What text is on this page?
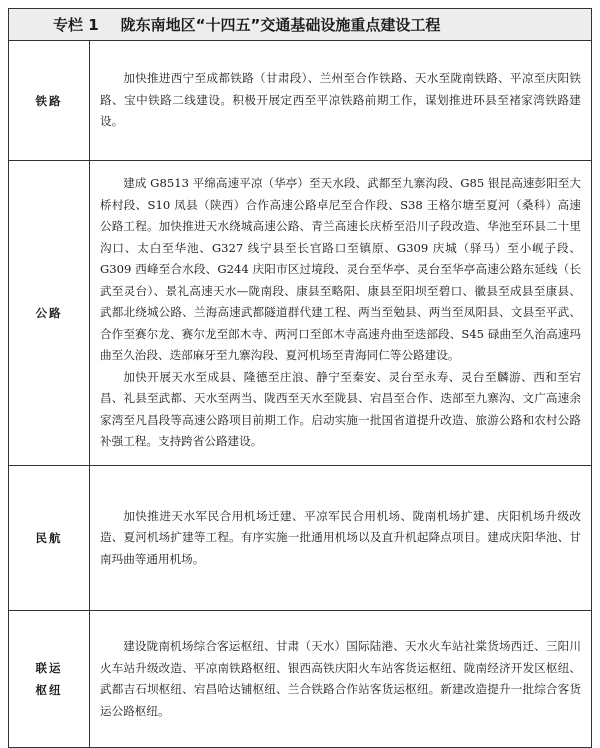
专栏 1 陇东南地区“十四五”交通基础设施重点建设工程
铁路	加快推进西宁至成都铁路（甘肃段）、兰州至合作铁路、天水至陇南铁路、平凉至庆阳铁路、宝中铁路二线建设。积极开展定西至平凉铁路前期工作，谋划推进环县至褚家湾铁路建设。

公路	建成 G8513 平绵高速平凉（华亭）至天水段、武都至九寨沟段、G85 银昆高速彭阳至大桥村段、S10 凤县（陕西）合作高速公路卓尼至合作段、S38 王格尔塘至夏河（桑科）高速公路工程。加快推进天水绕城高速公路、青兰高速长庆桥至沿川子段改造、华池至环县二十里沟口、太白至华池、G327 线宁县至长官路口至镇原、G309 庆城（驿马）至小岘子段、G309 西峰至合水段、G244 庆阳市区过境段、灵台至华亭、灵台至华亭高速公路东延线（长武至灵台）、景礼高速天水—陇南段、康县至略阳、康县至阳坝至碧口、徽县至成县至康县、武都北绕城公路、兰海高速武都隧道群代建工程、两当至勉县、两当至凤阳县、文县至平武、合作至赛尔龙、赛尔龙至郎木寺、两河口至郎木寺高速舟曲至迭部段、S45 碌曲至久治高速玛曲至久治段、迭部麻牙至九寨沟段、夏河机场至青海同仁等公路建设。

加快开展天水至成县、隆德至庄浪、静宁至秦安、灵台至永寿、灵台至麟游、西和至宕昌、礼县至武都、天水至两当、陇西至天水至陇县、宕昌至合作、迭部至九寨沟、文广高速余家湾至凡昌段等高速公路项目前期工作。启动实施一批国省道提升改造、旅游公路和农村公路补强工程。支持跨省公路建设。

民航	加快推进天水军民合用机场迁建、平凉军民合用机场、陇南机场扩建、庆阳机场升级改造、夏河机场扩建等工程。有序实施一批通用机场以及直升机起降点项目。建成庆阳华池、甘南玛曲等通用机场。

联运
枢纽	建设陇南机场综合客运枢纽、甘肃（天水）国际陆港、天水火车站社棠货场西迁、三阳川火车站升级改造、平凉南铁路枢纽、银西高铁庆阳火车站客货运枢纽、陇南经济开发区枢纽、武都吉石坝枢纽、宕昌哈达铺枢纽、兰合铁路合作站客货运枢纽。新建改造提升一批综合客货运公路枢纽。
